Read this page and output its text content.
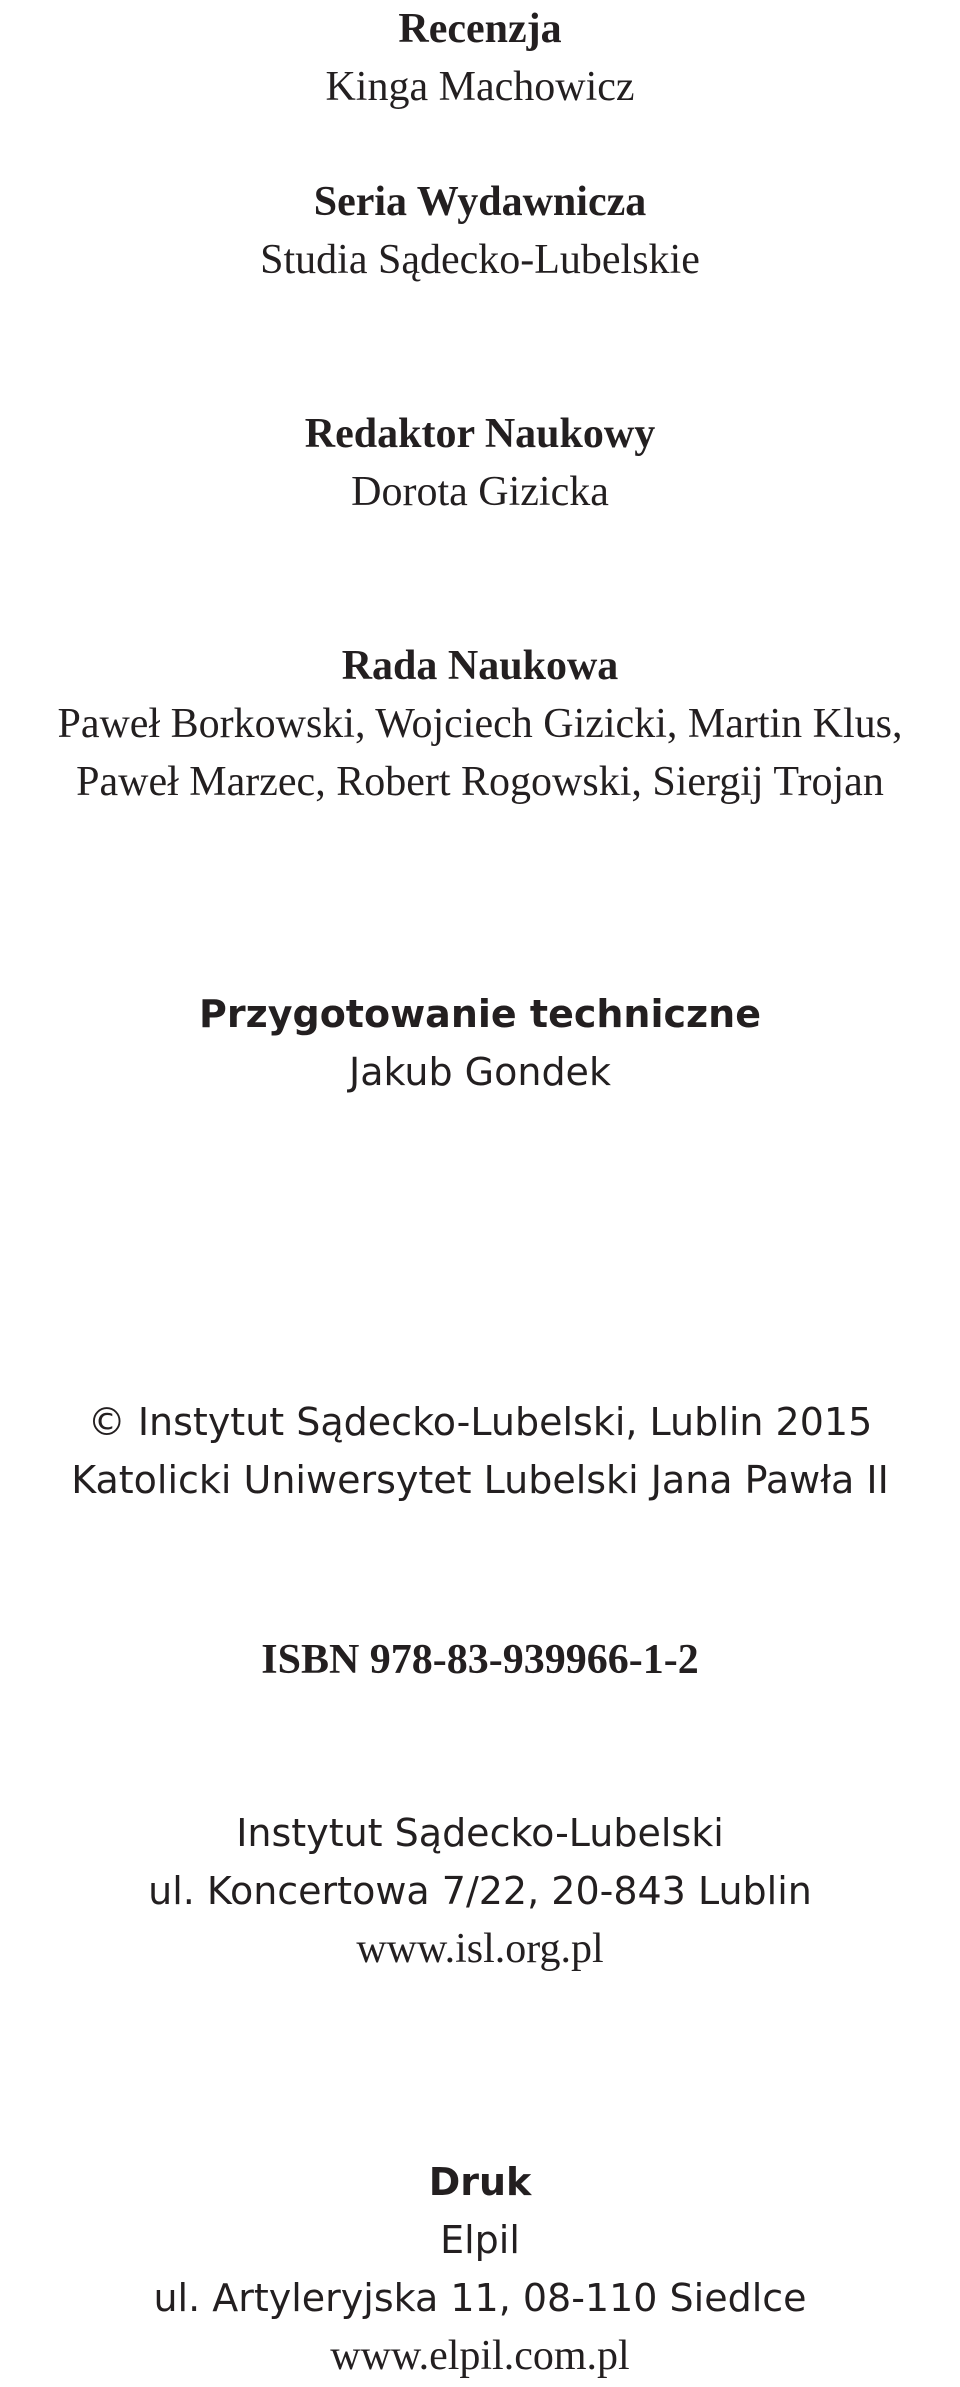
Recenzja
Kinga Machowicz
Seria Wydawnicza
Studia Sądecko-Lubelskie
Redaktor Naukowy
Dorota Gizicka
Rada Naukowa
Paweł Borkowski, Wojciech Gizicki, Martin Klus,
Paweł Marzec, Robert Rogowski, Siergij Trojan
Przygotowanie techniczne
Jakub Gondek
© Instytut Sądecko-Lubelski, Lublin 2015
Katolicki Uniwersytet Lubelski Jana Pawła II
ISBN 978-83-939966-1-2
Instytut Sądecko-Lubelski
ul. Koncertowa 7/22, 20-843 Lublin
www.isl.org.pl
Druk
Elpil
ul. Artyleryjska 11, 08-110 Siedlce
www.elpil.com.pl
